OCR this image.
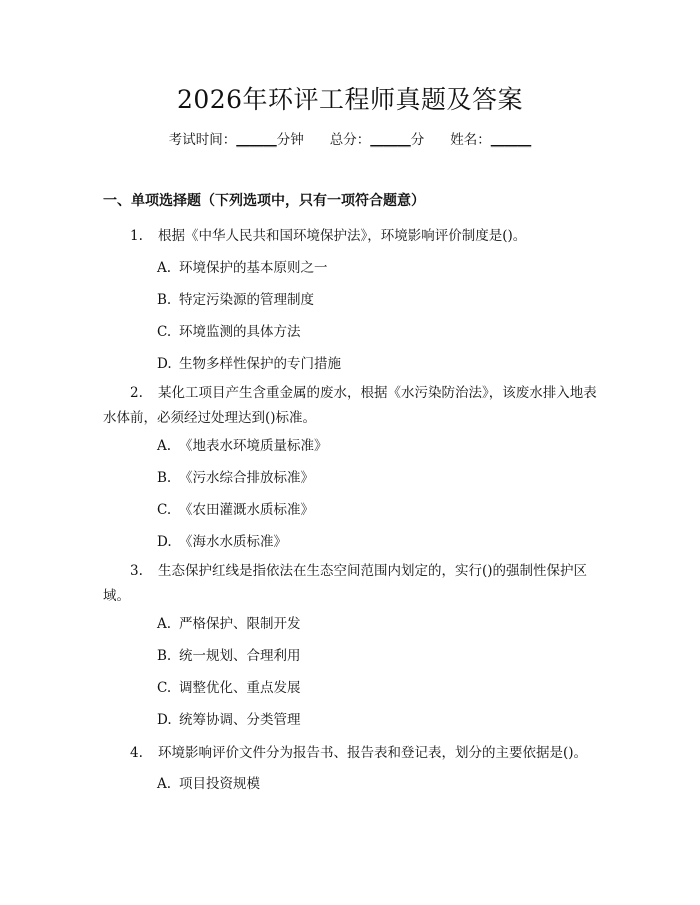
2026年环评工程师真题及答案
考试时间：______分钟 总分：______分 姓名：______
一、单项选择题（下列选项中，只有一项符合题意）
1. 根据《中华人民共和国环境保护法》，环境影响评价制度是()。
A. 环境保护的基本原则之一
B. 特定污染源的管理制度
C. 环境监测的具体方法
D. 生物多样性保护的专门措施
2. 某化工项目产生含重金属的废水，根据《水污染防治法》，该废水排入地表水体前，必须经过处理达到()标准。
A. 《地表水环境质量标准》
B. 《污水综合排放标准》
C. 《农田灌溉水质标准》
D. 《海水水质标准》
3. 生态保护红线是指依法在生态空间范围内划定的，实行()的强制性保护区域。
A. 严格保护、限制开发
B. 统一规划、合理利用
C. 调整优化、重点发展
D. 统筹协调、分类管理
4. 环境影响评价文件分为报告书、报告表和登记表，划分的主要依据是()。
A. 项目投资规模
